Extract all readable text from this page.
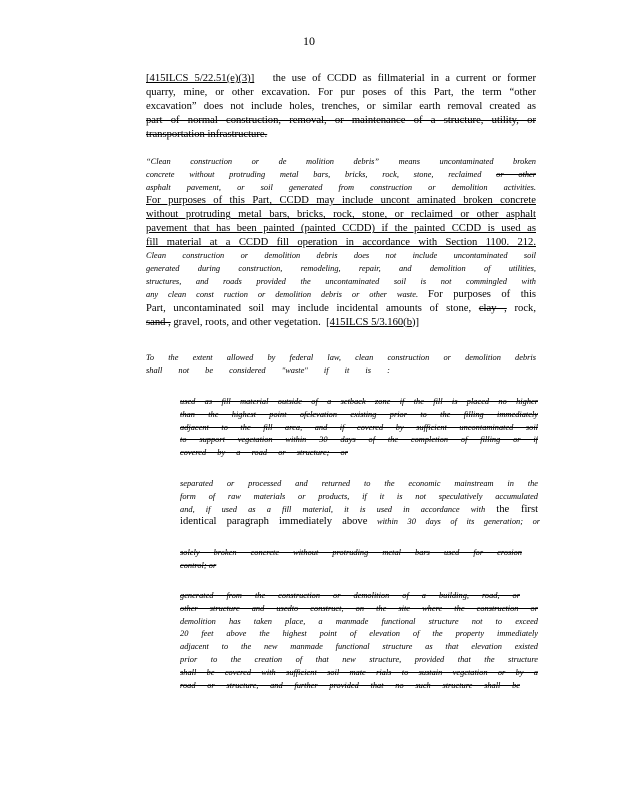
10
[415ILCS 5/22.51(e)(3)] the use of CCDD as fillmaterial in a current or former
quarry, mine, or other excavation. For pur poses of this Part, the term “other
excavation” does not include holes, trenches, or similar earth removal created as
part of normal construction, removal, or maintenance of a structure, utility, or
transportation infrastructure.
“Clean construction or de molition debris” means uncontaminated broken
concrete without protruding metal bars, bricks, rock, stone, reclaimed or other
asphalt pavement, or soil generated from construction or demolition activities.
For purposes of this Part, CCDD may include uncont aminated broken concrete
without protruding metal bars, bricks, rock, stone, or reclaimed or other asphalt
pavement that has been painted (painted CCDD) if the painted CCDD is used as
fill material at a CCDD fill operation in accordance with Section 1100. 212.
Clean construction or demolition debris does not include uncontaminated soil
generated during construction, remodeling, repair, and demolition of utilities,
structures, and roads provided the uncontaminated soil is not commingled with
any clean const ruction or demolition debris or other waste. For purposes of this
Part, uncontaminated soil may include incidental amounts of stone, clay , rock,
sand , gravel, roots, and other vegetation. [415ILCS 5/3.160(b)]
To the extent allowed by federal law, clean construction or demolition debris
shall not be considered "waste" if it is :
used as fill material outside of a setback zone if the fill is placed no higher
than the highest point ofelevation existing prior to the filling immediately
adjacent to the fill area, and if covered by sufficient uncontaminated soil
to support vegetation within 30 days of the completion of filling or if
covered by a road or structure; or
separated or processed and returned to the economic mainstream in the
form of raw materials or products, if it is not speculatively accumulated
and, if used as a fill material, it is used in accordance with the first
identical paragraph immediately above within 30 days of its generation; or
solely broken concrete without protruding metal bars used for erosion
control; or
generated from the construction or demolition of a building, road, or
other structure and usedto construct, on the site where the construction or
demolition has taken place, a manmade functional structure not to exceed
20 feet above the highest point of elevation of the property immediately
adjacent to the new manmade functional structure as that elevation existed
prior to the creation of that new structure, provided that the structure
shall be covered with sufficient soil mate rials to sustain vegetation or by a
road or structure, and further provided that no such structure shall be
